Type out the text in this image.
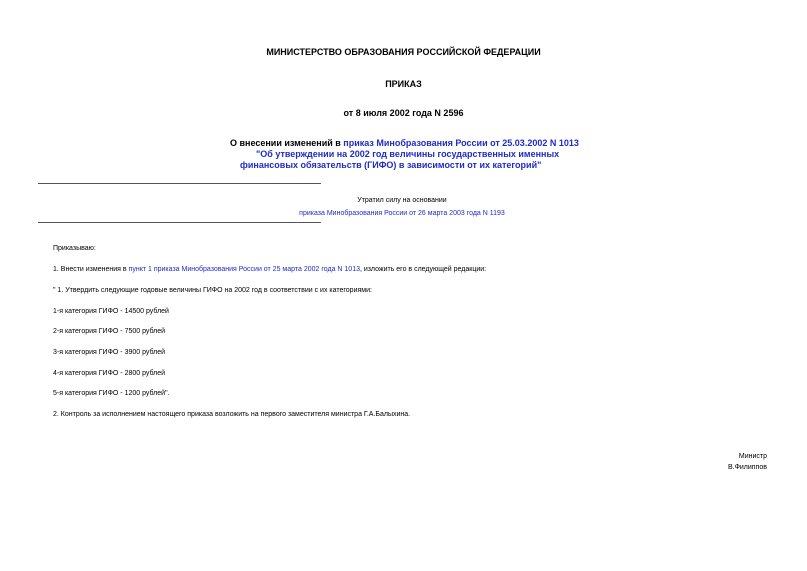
МИНИСТЕРСТВО ОБРАЗОВАНИЯ РОССИЙСКОЙ ФЕДЕРАЦИИ
ПРИКАЗ
от 8 июля 2002 года N 2596
О внесении изменений в приказ Минобразования России от 25.03.2002 N 1013
"Об утверждении на 2002 год величины государственных именных
финансовых обязательств (ГИФО) в зависимости от их категорий"
Утратил силу на основании
приказа Минобразования России от 26 марта 2003 года N 1193
Приказываю:
1. Внести изменения в пункт 1 приказа Минобразования России от 25 марта 2002 года N 1013, изложить его в следующей редакции:
" 1. Утвердить следующие годовые величины ГИФО на 2002 год в соответствии с их категориями:
1-я категория ГИФО - 14500 рублей
2-я категория ГИФО - 7500 рублей
3-я категория ГИФО - 3900 рублей
4-я категория ГИФО - 2800 рублей
5-я категория ГИФО - 1200 рублей".
2. Контроль за исполнением настоящего приказа возложить на первого заместителя министра Г.А.Балыхина.
Министр
В.Филиппов
